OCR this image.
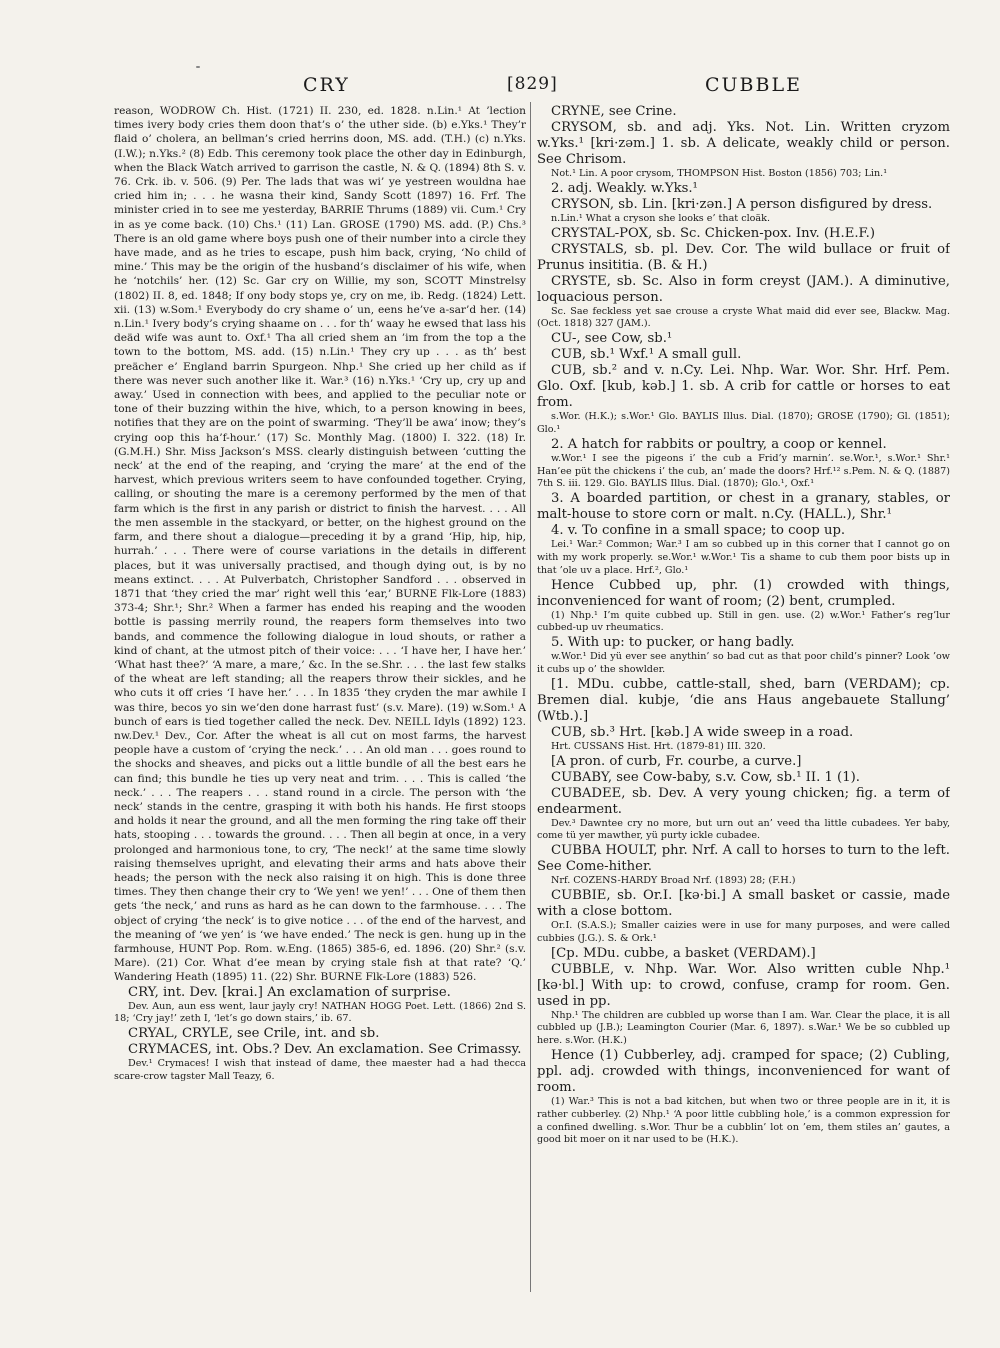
CRY	[829]	CUBBLE

reason, WODROW Ch. Hist. (1721) II. 230, ed. 1828. n.Lin.¹ At ’lection times ivery body cries them doon that’s o’ the uther side. (b) e.Yks.¹ They’r flaid o’ cholera, an bellman’s cried herrins doon, MS. add. (T.H.) (c) n.Yks. (I.W.); n.Yks.² (8) Edb. This ceremony took place the other day in Edinburgh, when the Black Watch arrived to garrison the castle, N. & Q. (1894) 8th S. v. 76. Crk. ib. v. 506. (9) Per. The lads that was wi’ ye yestreen wouldna hae cried him in; . . . he wasna their kind, Sandy Scott (1897) 16. Frf. The minister cried in to see me yesterday, BARRIE Thrums (1889) vii. Cum.¹ Cry in as ye come back. (10) Chs.¹ (11) Lan. GROSE (1790) MS. add. (P.) Chs.³ There is an old game where boys push one of their number into a circle they have made, and as he tries to escape, push him back, crying, ‘No child of mine.’ This may be the origin of the husband’s disclaimer of his wife, when he ‘notchils’ her. (12) Sc. Gar cry on Willie, my son, SCOTT Minstrelsy (1802) II. 8, ed. 1848; If ony body stops ye, cry on me, ib. Redg. (1824) Lett. xii. (13) w.Som.¹ Everybody do cry shame o’ un, eens he’ve a-sar’d her. (14) n.Lin.¹ Ivery body’s crying shaame on . . . for th’ waay he ewsed that lass his deäd wife was aunt to. Oxf.¹ Tha all cried shem an ’im from the top a the town to the bottom, MS. add. (15) n.Lin.¹ They cry up . . . as th’ best preächer e’ England barrin Spurgeon. Nhp.¹ She cried up her child as if there was never such another like it. War.³ (16) n.Yks.¹ ‘Cry up, cry up and away.’ Used in connection with bees, and applied to the peculiar note or tone of their buzzing within the hive, which, to a person knowing in bees, notifies that they are on the point of swarming. ‘They’ll be awa’ inow; they’s crying oop this ha’f-hour.’ (17) Sc. Monthly Mag. (1800) I. 322. (18) Ir. (G.M.H.) Shr. Miss Jackson’s MSS. clearly distinguish between ‘cutting the neck’ at the end of the reaping, and ‘crying the mare’ at the end of the harvest, which previous writers seem to have confounded together. Crying, calling, or shouting the mare is a ceremony performed by the men of that farm which is the first in any parish or district to finish the harvest. . . . All the men assemble in the stackyard, or better, on the highest ground on the farm, and there shout a dialogue—preceding it by a grand ‘Hip, hip, hip, hurrah.’ . . . There were of course variations in the details in different places, but it was universally practised, and though dying out, is by no means extinct. . . . At Pulverbatch, Christopher Sandford . . . observed in 1871 that ‘they cried the mar’ right well this ’ear,’ BURNE Flk-Lore (1883) 373-4; Shr.¹; Shr.² When a farmer has ended his reaping and the wooden bottle is passing merrily round, the reapers form themselves into two bands, and commence the following dialogue in loud shouts, or rather a kind of chant, at the utmost pitch of their voice: . . . ‘I have her, I have her.’ ‘What hast thee?’ ‘A mare, a mare,’ &c. In the se.Shr. . . . the last few stalks of the wheat are left standing; all the reapers throw their sickles, and he who cuts it off cries ‘I have her.’ . . . In 1835 ‘they cryden the mar awhile I was thire, becos yo sin we’den done harrast fust’ (s.v. Mare). (19) w.Som.¹ A bunch of ears is tied together called the neck. Dev. NEILL Idyls (1892) 123. nw.Dev.¹ Dev., Cor. After the wheat is all cut on most farms, the harvest people have a custom of ‘crying the neck.’ . . . An old man . . . goes round to the shocks and sheaves, and picks out a little bundle of all the best ears he can find; this bundle he ties up very neat and trim. . . . This is called ‘the neck.’ . . . The reapers . . . stand round in a circle. The person with ‘the neck’ stands in the centre, grasping it with both his hands. He first stoops and holds it near the ground, and all the men forming the ring take off their hats, stooping . . . towards the ground. . . . Then all begin at once, in a very prolonged and harmonious tone, to cry, ‘The neck!’ at the same time slowly raising themselves upright, and elevating their arms and hats above their heads; the person with the neck also raising it on high. This is done three times. They then change their cry to ‘We yen! we yen!’ . . . One of them then gets ‘the neck,’ and runs as hard as he can down to the farmhouse. . . . The object of crying ‘the neck’ is to give notice . . . of the end of the harvest, and the meaning of ‘we yen’ is ‘we have ended.’ The neck is gen. hung up in the farmhouse, HUNT Pop. Rom. w.Eng. (1865) 385-6, ed. 1896. (20) Shr.² (s.v. Mare). (21) Cor. What d’ee mean by crying stale fish at that rate? ‘Q.’ Wandering Heath (1895) 11. (22) Shr. BURNE Flk-Lore (1883) 526.

CRY, int. Dev. [krai.] An exclamation of surprise.

Dev. Aun, aun ess went, laur jayly cry! NATHAN HOGG Poet. Lett. (1866) 2nd S. 18; ‘Cry jay!’ zeth I, ‘let’s go down stairs,’ ib. 67.

CRYAL, CRYLE, see Crile, int. and sb.

CRYMACES, int. Obs.? Dev. An exclamation. See Crimassy.

Dev.¹ Crymaces! I wish that instead of dame, thee maester had a had thecca scare-crow tagster Mall Teazy, 6.

CRYNE, see Crine.

CRYSOM, sb. and adj. Yks. Not. Lin. Written cryzom w.Yks.¹ [kri·zəm.] 1. sb. A delicate, weakly child or person. See Chrisom.

Not.¹ Lin. A poor crysom, THOMPSON Hist. Boston (1856) 703; Lin.¹

2. adj. Weakly. w.Yks.¹

CRYSON, sb. Lin. [kri·zən.] A person disfigured by dress.

n.Lin.¹ What a cryson she looks e’ that cloäk.

CRYSTAL-POX, sb. Sc. Chicken-pox. Inv. (H.E.F.)

CRYSTALS, sb. pl. Dev. Cor. The wild bullace or fruit of Prunus insititia. (B. & H.)

CRYSTE, sb. Sc. Also in form creyst (JAM.). A diminutive, loquacious person.

Sc. Sae feckless yet sae crouse a cryste What maid did ever see, Blackw. Mag. (Oct. 1818) 327 (JAM.).

CU-, see Cow, sb.¹

CUB, sb.¹ Wxf.¹ A small gull.

CUB, sb.² and v. n.Cy. Lei. Nhp. War. Wor. Shr. Hrf. Pem. Glo. Oxf. [kub, kəb.] 1. sb. A crib for cattle or horses to eat from.

s.Wor. (H.K.); s.Wor.¹ Glo. BAYLIS Illus. Dial. (1870); GROSE (1790); Gl. (1851); Glo.¹

2. A hatch for rabbits or poultry, a coop or kennel.

w.Wor.¹ I see the pigeons i’ the cub a Frid’y marnin’. se.Wor.¹, s.Wor.¹ Shr.¹ Han’ee püt the chickens i’ the cub, an’ made the doors? Hrf.¹² s.Pem. N. & Q. (1887) 7th S. iii. 129. Glo. BAYLIS Illus. Dial. (1870); Glo.¹, Oxf.¹

3. A boarded partition, or chest in a granary, stables, or malt-house to store corn or malt. n.Cy. (HALL.), Shr.¹

4. v. To confine in a small space; to coop up.

Lei.¹ War.² Common; War.³ I am so cubbed up in this corner that I cannot go on with my work properly. se.Wor.¹ w.Wor.¹ Tis a shame to cub them poor bists up in that ’ole uv a place. Hrf.², Glo.¹

Hence Cubbed up, phr. (1) crowded with things, inconvenienced for want of room; (2) bent, crumpled.

(1) Nhp.¹ I’m quite cubbed up. Still in gen. use. (2) w.Wor.¹ Father’s reg’lur cubbed-up uv rheumatics.

5. With up: to pucker, or hang badly.

w.Wor.¹ Did yü ever see anythin’ so bad cut as that poor child’s pinner? Look ’ow it cubs up o’ the showlder.

[1. MDu. cubbe, cattle-stall, shed, barn (VERDAM); cp. Bremen dial. kubje, ‘die ans Haus angebauete Stallung’ (Wtb.).]

CUB, sb.³ Hrt. [kəb.] A wide sweep in a road.

Hrt. CUSSANS Hist. Hrt. (1879-81) III. 320.

[A pron. of curb, Fr. courbe, a curve.]

CUBABY, see Cow-baby, s.v. Cow, sb.¹ II. 1 (1).

CUBADEE, sb. Dev. A very young chicken; fig. a term of endearment.

Dev.³ Dawntee cry no more, but urn out an’ veed tha little cubadees. Yer baby, come tü yer mawther, yü purty ickle cubadee.

CUBBA HOULT, phr. Nrf. A call to horses to turn to the left. See Come-hither.

Nrf. COZENS-HARDY Broad Nrf. (1893) 28; (F.H.)

CUBBIE, sb. Or.I. [kə·bi.] A small basket or cassie, made with a close bottom.

Or.I. (S.A.S.); Smaller caizies were in use for many purposes, and were called cubbies (J.G.). S. & Ork.¹

[Cp. MDu. cubbe, a basket (VERDAM).]

CUBBLE, v. Nhp. War. Wor. Also written cuble Nhp.¹ [kə·bl.] With up: to crowd, confuse, cramp for room. Gen. used in pp.

Nhp.¹ The children are cubbled up worse than I am. War. Clear the place, it is all cubbled up (J.B.); Leamington Courier (Mar. 6, 1897). s.War.¹ We be so cubbled up here. s.Wor. (H.K.)

Hence (1) Cubberley, adj. cramped for space; (2) Cubling, ppl. adj. crowded with things, inconvenienced for want of room.

(1) War.³ This is not a bad kitchen, but when two or three people are in it, it is rather cubberley. (2) Nhp.¹ ‘A poor little cubbling hole,’ is a common expression for a confined dwelling. s.Wor. Thur be a cubblin’ lot on ’em, them stiles an’ gautes, a good bit moer on it nar used to be (H.K.).
